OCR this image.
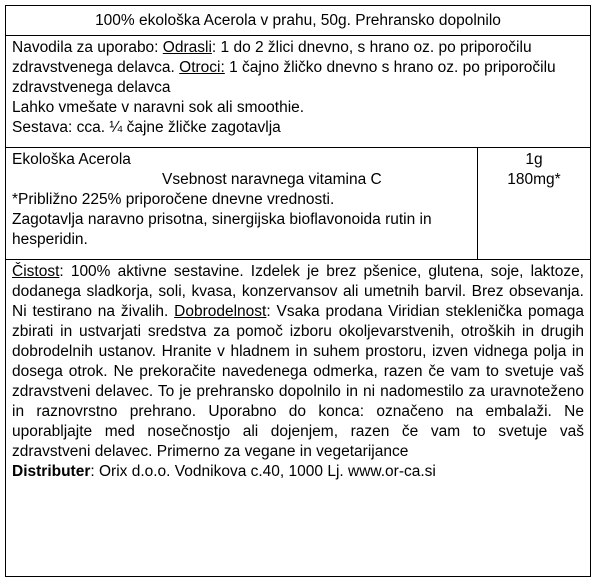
100% ekološka Acerola v prahu, 50g. Prehransko dopolnilo

Navodila za uporabo: Odrasli: 1 do 2 žlici dnevno, s hrano oz. po priporočilu zdravstvenega delavca. Otroci: 1 čajno žličko dnevno s hrano oz. po priporočilu zdravstvenega delavca

Lahko vmešate v naravni sok ali smoothie.

Sestava: cca. ¼ čajne žličke zagotavlja

Ekološka Acerola
Vsebnost naravnega vitamina C
*Približno 225% priporočene dnevne vrednosti.
Zagotavlja naravno prisotna, sinergijska bioflavonoida rutin in hesperidin.
1g
180mg*

Čistost: 100% aktivne sestavine. Izdelek je brez pšenice, glutena, soje, laktoze, dodanega sladkorja, soli, kvasa, konzervansov ali umetnih barvil. Brez obsevanja. Ni testirano na živalih. Dobrodelnost: Vsaka prodana Viridian steklenička pomaga zbirati in ustvarjati sredstva za pomoč izboru okoljevarstvenih, otroških in drugih dobrodelnih ustanov. Hranite v hladnem in suhem prostoru, izven vidnega polja in dosega otrok. Ne prekoračite navedenega odmerka, razen če vam to svetuje vaš zdravstveni delavec. To je prehransko dopolnilo in ni nadomestilo za uravnoteženo in raznovrstno prehrano. Uporabno do konca: označeno na embalaži. Ne uporabljajte med nosečnostjo ali dojenjem, razen če vam to svetuje vaš zdravstveni delavec. Primerno za vegane in vegetarijance

Distributer: Orix d.o.o. Vodnikova c.40, 1000 Lj. www.or-ca.si
